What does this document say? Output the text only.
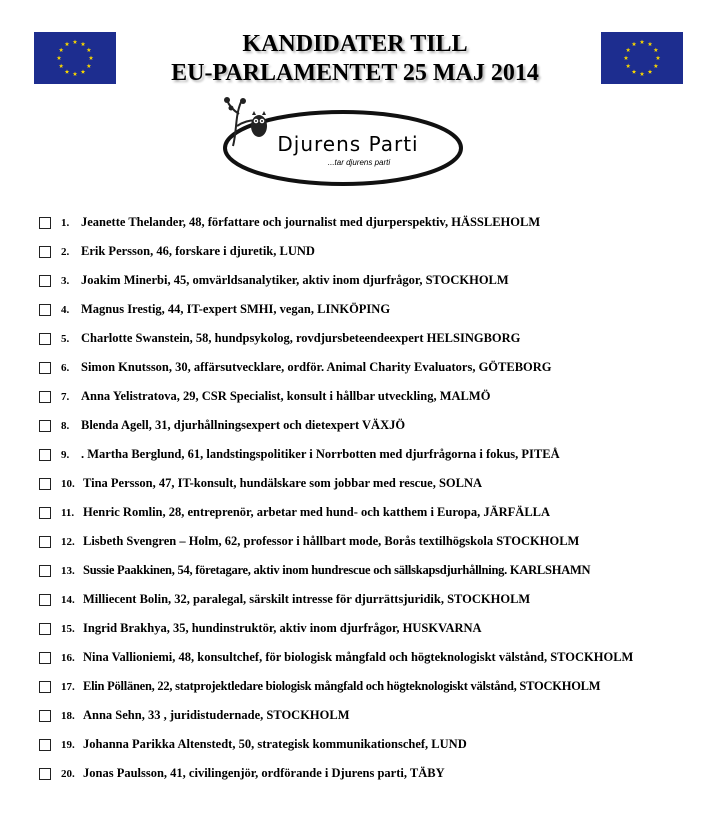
KANDIDATER TILL
EU-PARLAMENTET 25 MAJ 2014
Djurens Parti
...tar djurens parti
1. Jeanette Thelander, 48, författare och journalist med djurperspektiv, HÄSSLEHOLM
2. Erik Persson, 46, forskare i djuretik, LUND
3. Joakim Minerbi, 45, omvärldsanalytiker, aktiv inom djurfrågor, STOCKHOLM
4. Magnus Irestig, 44, IT-expert SMHI, vegan, LINKÖPING
5. Charlotte Swanstein, 58, hundpsykolog, rovdjursbeteendeexpert HELSINGBORG
6. Simon Knutsson, 30, affärsutvecklare, ordför. Animal Charity Evaluators, GÖTEBORG
7. Anna Yelistratova, 29, CSR Specialist, konsult i hållbar utveckling, MALMÖ
8. Blenda Agell, 31, djurhållningsexpert och dietexpert VÄXJÖ
9. . Martha Berglund, 61, landstingspolitiker i Norrbotten med djurfrågorna i fokus, PITEÅ
10. Tina Persson, 47, IT-konsult, hundälskare som jobbar med rescue, SOLNA
11. Henric Romlin, 28, entreprenör, arbetar med hund- och katthem i Europa, JÄRFÄLLA
12. Lisbeth Svengren – Holm, 62, professor i hållbart mode, Borås textilhögskola STOCKHOLM
13. Sussie Paakkinen, 54, företagare, aktiv inom hundrescue och sällskapsdjurhållning. KARLSHAMN
14. Milliecent Bolin, 32, paralegal, särskilt intresse för djurrättsjuridik, STOCKHOLM
15. Ingrid Brakhya, 35, hundinstruktör, aktiv inom djurfrågor, HUSKVARNA
16. Nina Vallioniemi, 48, konsultchef, för biologisk mångfald och högteknologiskt välstånd, STOCKHOLM
17. Elin Pöllänen, 22, statprojektledare biologisk mångfald och högteknologiskt välstånd, STOCKHOLM
18. Anna Sehn, 33 , juridistudernade, STOCKHOLM
19. Johanna Parikka Altenstedt, 50, strategisk kommunikationschef, LUND
20. Jonas Paulsson, 41, civilingenjör, ordförande i Djurens parti, TÄBY
